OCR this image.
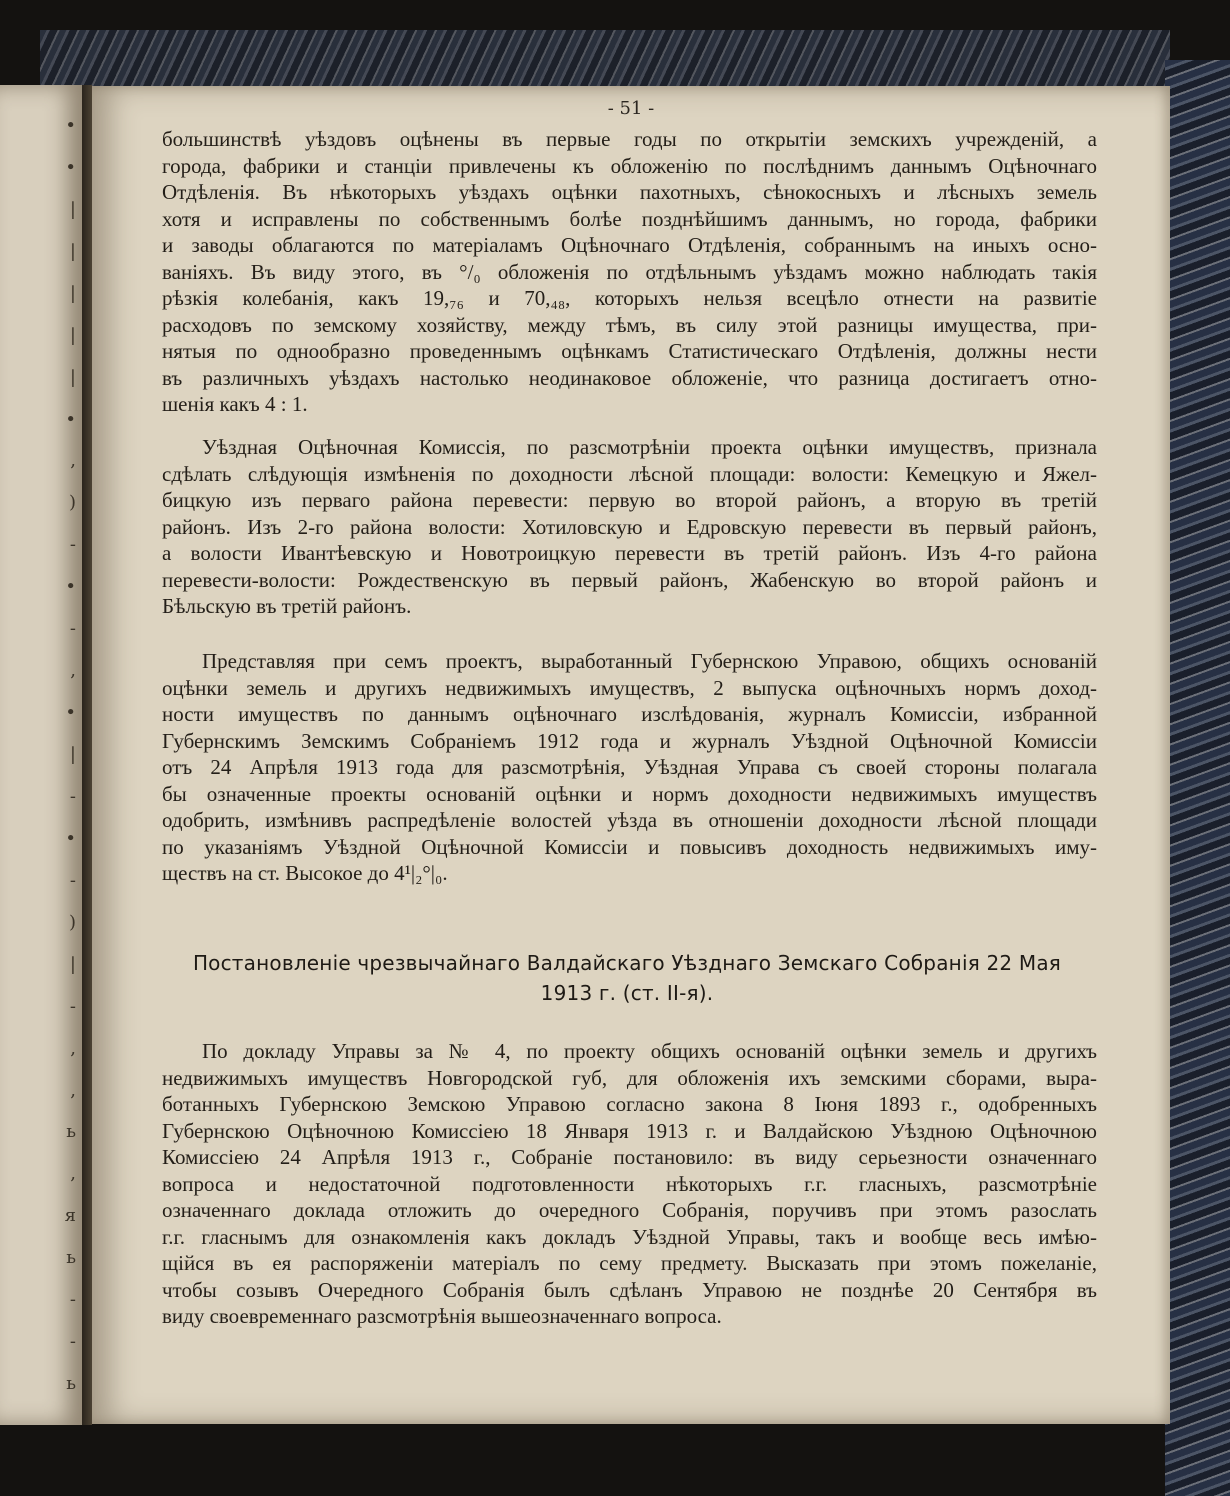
•
•
|
|
|
|
|
•
,
)
-
•
-
,
•
|
-
•
-
)
|
-
,
,
ь
,
я
ь
-
-
ь
- 51 -
большинствѣ уѣздовъ оцѣнены въ первые годы по открытіи земскихъ учрежденій, а
города, фабрики и станціи привлечены къ обложенію по послѣднимъ даннымъ Оцѣночнаго
Отдѣленія. Въ нѣкоторыхъ уѣздахъ оцѣнки пахотныхъ, сѣнокосныхъ и лѣсныхъ земель
хотя и исправлены по собственнымъ болѣе позднѣйшимъ даннымъ, но города, фабрики
и заводы облагаются по матеріаламъ Оцѣночнаго Отдѣленія, собраннымъ на иныхъ осно-
ваніяхъ. Въ виду этого, въ °/₀ обложенія по отдѣльнымъ уѣздамъ можно наблюдать такія
рѣзкія колебанія, какъ 19,₇₆ и 70,₄₈, которыхъ нельзя всецѣло отнести на развитіе
расходовъ по земскому хозяйству, между тѣмъ, въ силу этой разницы имущества, при-
нятыя по однообразно проведеннымъ оцѣнкамъ Статистическаго Отдѣленія, должны нести
въ различныхъ уѣздахъ настолько неодинаковое обложеніе, что разница достигаетъ отно-
шенія какъ 4 : 1.
Уѣздная Оцѣночная Комиссія, по разсмотрѣніи проекта оцѣнки имуществъ, признала
сдѣлать слѣдующія измѣненія по доходности лѣсной площади: волости: Кемецкую и Яжел-
бицкую изъ перваго района перевести: первую во второй районъ, а вторую въ третій
районъ. Изъ 2-го района волости: Хотиловскую и Едровскую перевести въ первый районъ,
а волости Ивантѣевскую и Новотроицкую перевести въ третій районъ. Изъ 4-го района
перевести-волости: Рождественскую въ первый районъ, Жабенскую во второй районъ и
Бѣльскую въ третій районъ.
Представляя при семъ проектъ, выработанный Губернскою Управою, общихъ основаній
оцѣнки земель и другихъ недвижимыхъ имуществъ, 2 выпуска оцѣночныхъ нормъ доход-
ности имуществъ по даннымъ оцѣночнаго изслѣдованія, журналъ Комиссіи, избранной
Губернскимъ Земскимъ Собраніемъ 1912 года и журналъ Уѣздной Оцѣночной Комиссіи
отъ 24 Апрѣля 1913 года для разсмотрѣнія, Уѣздная Управа съ своей стороны полагала
бы означенные проекты основаній оцѣнки и нормъ доходности недвижимыхъ имуществъ
одобрить, измѣнивъ распредѣленіе волостей уѣзда въ отношеніи доходности лѣсной площади
по указаніямъ Уѣздной Оцѣночной Комиссіи и повысивъ доходность недвижимыхъ иму-
ществъ на ст. Высокое до 4¹|₂°|₀.
Постановленіе чрезвычайнаго Валдайскаго Уѣзднаго Земскаго Собранія 22 Мая
1913 г. (ст. II-я).
По докладу Управы за № 4, по проекту общихъ основаній оцѣнки земель и другихъ
недвижимыхъ имуществъ Новгородской губ, для обложенія ихъ земскими сборами, выра-
ботанныхъ Губернскою Земскою Управою согласно закона 8 Іюня 1893 г., одобренныхъ
Губернскою Оцѣночною Комиссіею 18 Января 1913 г. и Валдайскою Уѣздною Оцѣночною
Комиссіею 24 Апрѣля 1913 г., Собраніе постановило: въ виду серьезности означеннаго
вопроса и недостаточной подготовленности нѣкоторыхъ г.г. гласныхъ, разсмотрѣніе
означеннаго доклада отложить до очередного Собранія, поручивъ при этомъ разослать
г.г. гласнымъ для ознакомленія какъ докладъ Уѣздной Управы, такъ и вообще весь имѣю-
щійся въ ея распоряженіи матеріалъ по сему предмету. Высказать при этомъ пожеланіе,
чтобы созывъ Очередного Собранія былъ сдѣланъ Управою не позднѣе 20 Сентября въ
виду своевременнаго разсмотрѣнія вышеозначеннаго вопроса.
